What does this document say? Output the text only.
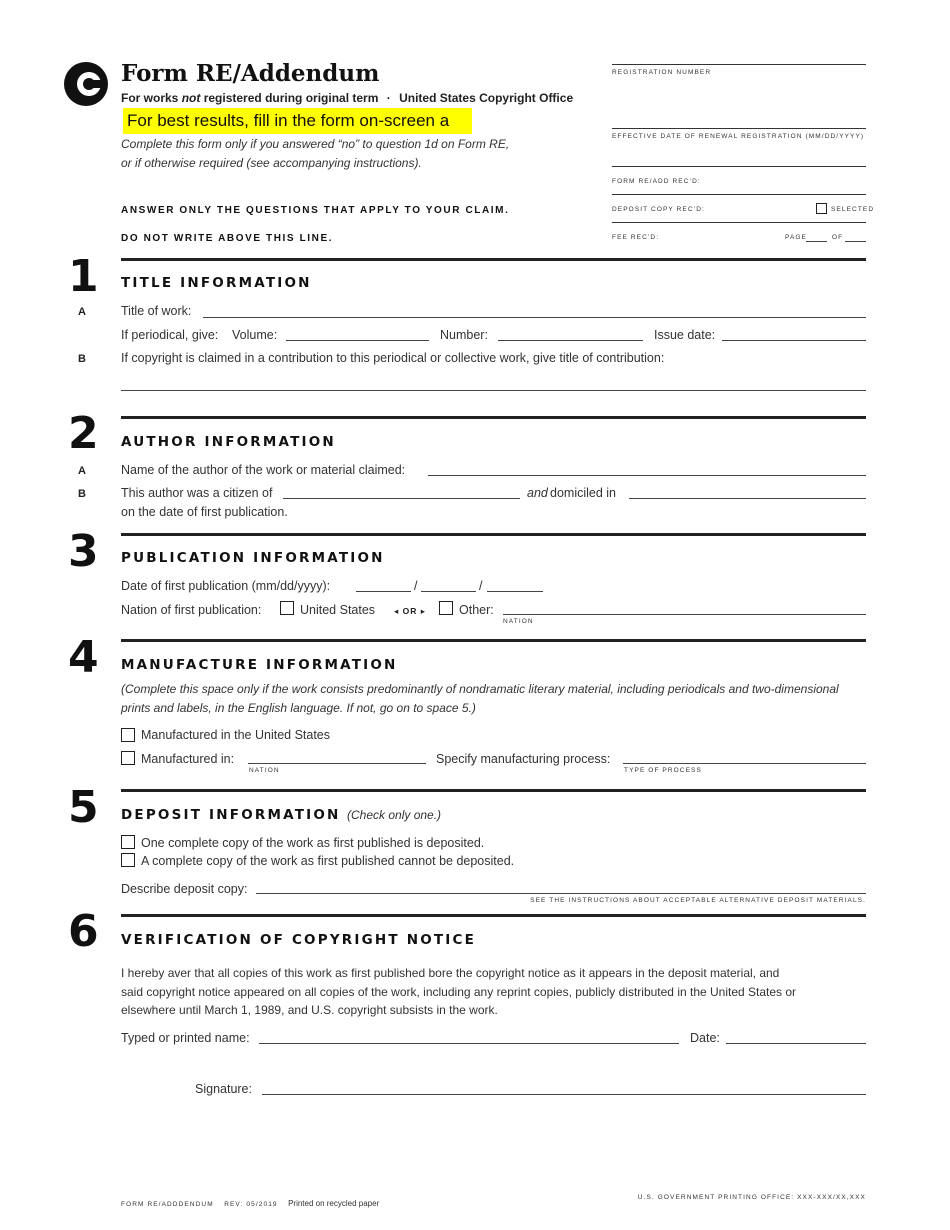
Form RE/Addendum
For works not registered during original term · United States Copyright Office
For best results, fill in the form on-screen a
Complete this form only if you answered “no” to question 1d on Form RE,
or if otherwise required (see accompanying instructions).
ANSWER ONLY THE QUESTIONS THAT APPLY TO YOUR CLAIM.
DO NOT WRITE ABOVE THIS LINE.
REGISTRATION NUMBER
EFFECTIVE DATE OF RENEWAL REGISTRATION (MM/DD/YYYY)
FORM RE/ADD REC’D:
DEPOSIT COPY REC’D:	SELECTED
FEE REC’D:	PAGE	OF
1 TITLE INFORMATION
A	Title of work:
If periodical, give: Volume:	Number:	Issue date:
B	If copyright is claimed in a contribution to this periodical or collective work, give title of contribution:
2 AUTHOR INFORMATION
A	Name of the author of the work or material claimed:
B	This author was a citizen of	and domiciled in
on the date of first publication.
3 PUBLICATION INFORMATION
Date of first publication (mm/dd/yyyy):	/	/
Nation of first publication:	United States ◂ OR ▸	Other:
NATION
4 MANUFACTURE INFORMATION
(Complete this space only if the work consists predominantly of nondramatic literary material, including periodicals and two-dimensional
prints and labels, in the English language. If not, go on to space 5.)
Manufactured in the United States
Manufactured in:
NATION
Specify manufacturing process:
TYPE OF PROCESS
5 DEPOSIT INFORMATION (Check only one.)
One complete copy of the work as first published is deposited.
A complete copy of the work as first published cannot be deposited.
Describe deposit copy:
SEE THE INSTRUCTIONS ABOUT ACCEPTABLE ALTERNATIVE DEPOSIT MATERIALS.
6 VERIFICATION OF COPYRIGHT NOTICE
I hereby aver that all copies of this work as first published bore the copyright notice as it appears in the deposit material, and
said copyright notice appeared on all copies of the work, including any reprint copies, publicly distributed in the United States or
elsewhere until March 1, 1989, and U.S. copyright subsists in the work.
Typed or printed name:	Date:
Signature:
FORM RE/ADDDENDUM REV: 05/2019 Printed on recycled paper
U.S. GOVERNMENT PRINTING OFFICE: XXX-XXX/XX,XXX
